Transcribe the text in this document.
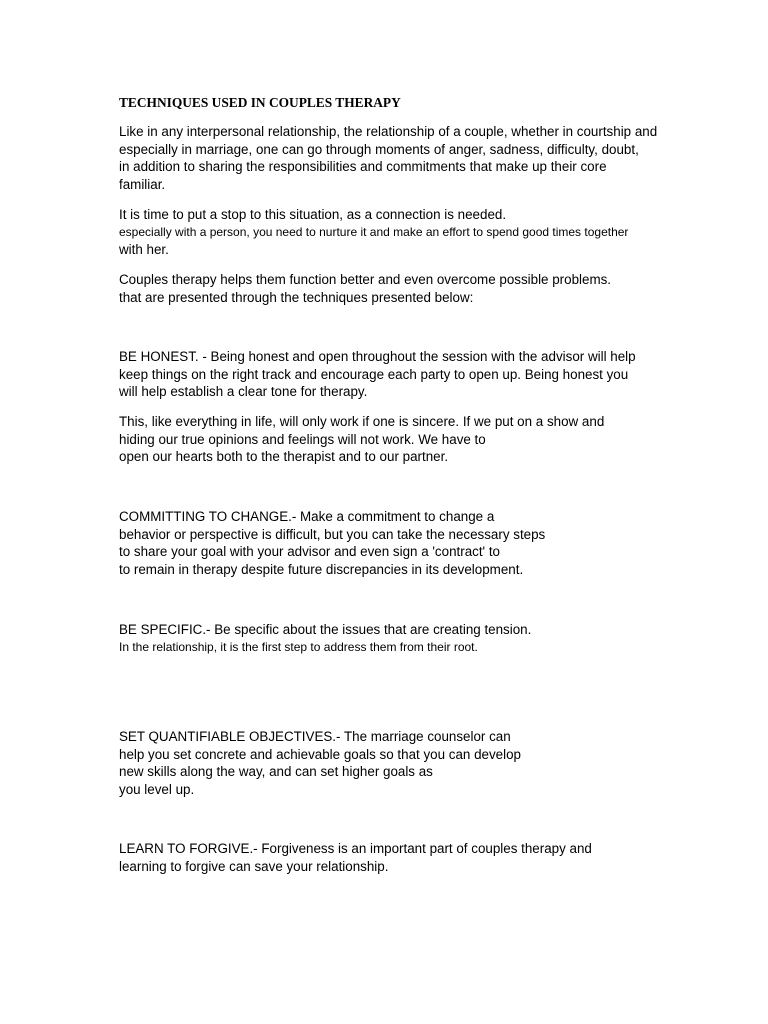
TECHNIQUES USED IN COUPLES THERAPY
Like in any interpersonal relationship, the relationship of a couple, whether in courtship and
especially in marriage, one can go through moments of anger, sadness, difficulty, doubt,
in addition to sharing the responsibilities and commitments that make up their core
familiar.
It is time to put a stop to this situation, as a connection is needed.
especially with a person, you need to nurture it and make an effort to spend good times together
with her.
Couples therapy helps them function better and even overcome possible problems.
that are presented through the techniques presented below:
BE HONEST. - Being honest and open throughout the session with the advisor will help
keep things on the right track and encourage each party to open up. Being honest you
will help establish a clear tone for therapy.
This, like everything in life, will only work if one is sincere. If we put on a show and
hiding our true opinions and feelings will not work. We have to
open our hearts both to the therapist and to our partner.
COMMITTING TO CHANGE.- Make a commitment to change a
behavior or perspective is difficult, but you can take the necessary steps
to share your goal with your advisor and even sign a 'contract' to
to remain in therapy despite future discrepancies in its development.
BE SPECIFIC.- Be specific about the issues that are creating tension.
In the relationship, it is the first step to address them from their root.
SET QUANTIFIABLE OBJECTIVES.- The marriage counselor can
help you set concrete and achievable goals so that you can develop
new skills along the way, and can set higher goals as
you level up.
LEARN TO FORGIVE.- Forgiveness is an important part of couples therapy and
learning to forgive can save your relationship.
